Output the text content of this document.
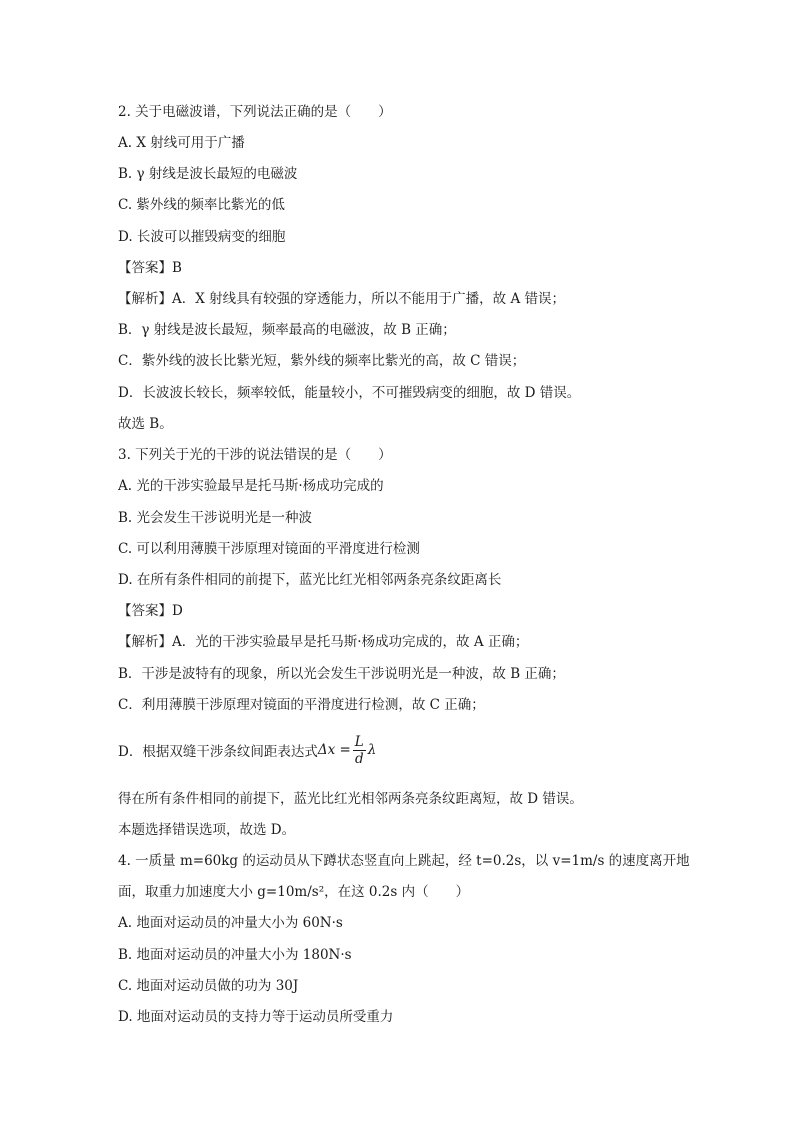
2. 关于电磁波谱，下列说法正确的是（　　）
A. X 射线可用于广播
B. γ 射线是波长最短的电磁波
C. 紫外线的频率比紫光的低
D. 长波可以摧毁病变的细胞
【答案】B
【解析】A．X 射线具有较强的穿透能力，所以不能用于广播，故 A 错误；
B．γ 射线是波长最短，频率最高的电磁波，故 B 正确；
C．紫外线的波长比紫光短，紫外线的频率比紫光的高，故 C 错误；
D．长波波长较长，频率较低，能量较小，不可摧毁病变的细胞，故 D 错误。
故选 B。
3. 下列关于光的干涉的说法错误的是（　　）
A. 光的干涉实验最早是托马斯·杨成功完成的
B. 光会发生干涉说明光是一种波
C. 可以利用薄膜干涉原理对镜面的平滑度进行检测
D. 在所有条件相同的前提下，蓝光比红光相邻两条亮条纹距离长
【答案】D
【解析】A．光的干涉实验最早是托马斯·杨成功完成的，故 A 正确；
B．干涉是波特有的现象，所以光会发生干涉说明光是一种波，故 B 正确；
C．利用薄膜干涉原理对镜面的平滑度进行检测，故 C 正确；
D．根据双缝干涉条纹间距表达式 $\Delta x = \frac{L}{d}$ λ
得在所有条件相同的前提下，蓝光比红光相邻两条亮条纹距离短，故 D 错误。
本题选择错误选项，故选 D。
4. 一质量 m=60kg 的运动员从下蹲状态竖直向上跳起，经 t=0.2s，以 v=1m/s 的速度离开地
面，取重力加速度大小 g=10m/s²，在这 0.2s 内（　　）
A. 地面对运动员的冲量大小为 60N·s
B. 地面对运动员的冲量大小为 180N·s
C. 地面对运动员做的功为 30J
D. 地面对运动员的支持力等于运动员所受重力
